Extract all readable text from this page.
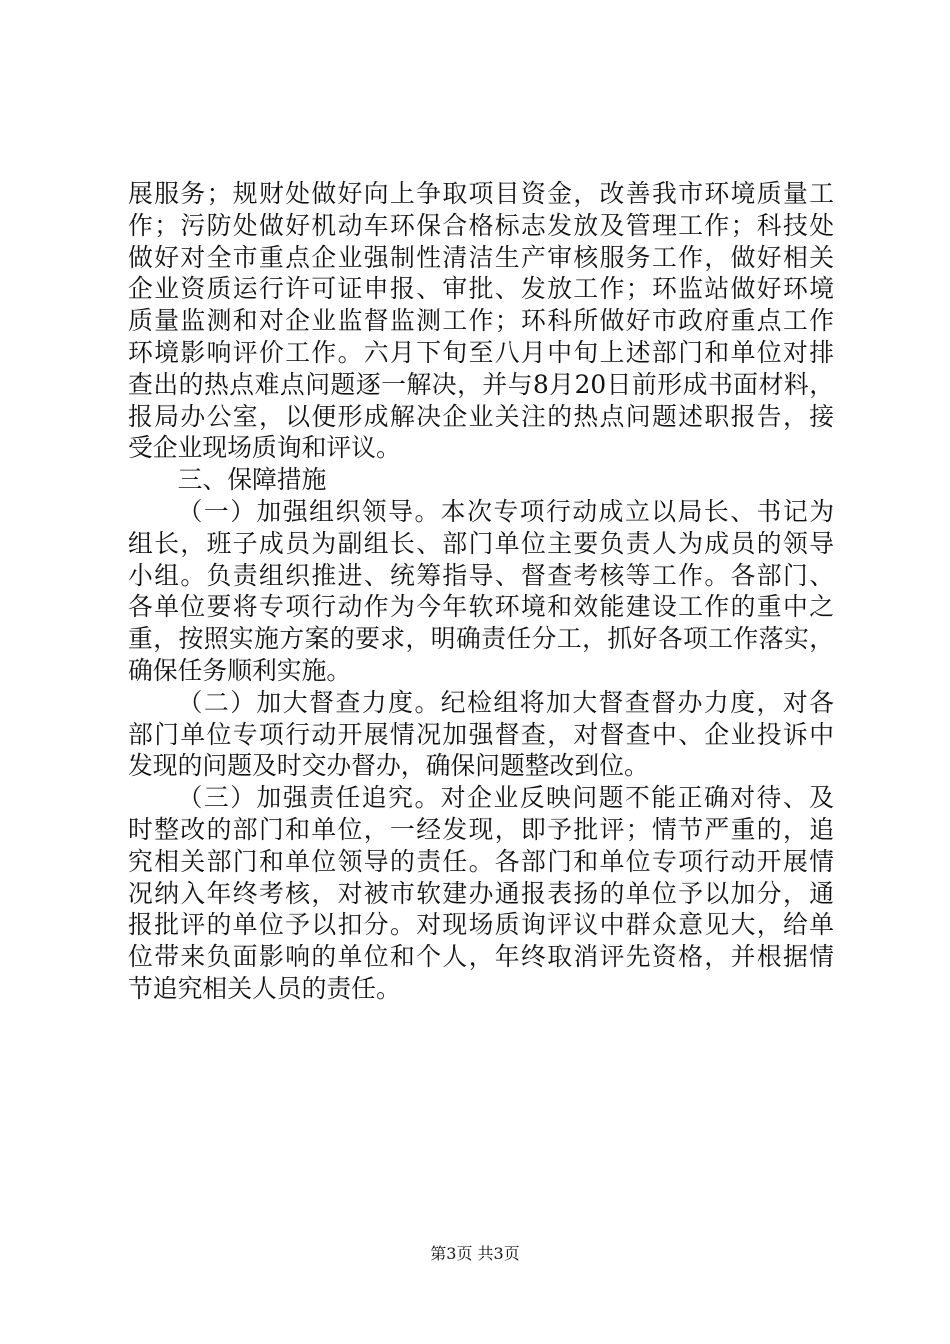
展服务；规财处做好向上争取项目资金，改善我市环境质量工
作；污防处做好机动车环保合格标志发放及管理工作；科技处
做好对全市重点企业强制性清洁生产审核服务工作，做好相关
企业资质运行许可证申报、审批、发放工作；环监站做好环境
质量监测和对企业监督监测工作；环科所做好市政府重点工作
环境影响评价工作。六月下旬至八月中旬上述部门和单位对排
查出的热点难点问题逐一解决，并与8月20日前形成书面材料，
报局办公室，以便形成解决企业关注的热点问题述职报告，接
受企业现场质询和评议。
三、保障措施
（一）加强组织领导。本次专项行动成立以局长、书记为
组长，班子成员为副组长、部门单位主要负责人为成员的领导
小组。负责组织推进、统筹指导、督查考核等工作。各部门、
各单位要将专项行动作为今年软环境和效能建设工作的重中之
重，按照实施方案的要求，明确责任分工，抓好各项工作落实，
确保任务顺利实施。
（二）加大督查力度。纪检组将加大督查督办力度，对各
部门单位专项行动开展情况加强督查，对督查中、企业投诉中
发现的问题及时交办督办，确保问题整改到位。
（三）加强责任追究。对企业反映问题不能正确对待、及
时整改的部门和单位，一经发现，即予批评；情节严重的，追
究相关部门和单位领导的责任。各部门和单位专项行动开展情
况纳入年终考核，对被市软建办通报表扬的单位予以加分，通
报批评的单位予以扣分。对现场质询评议中群众意见大，给单
位带来负面影响的单位和个人，年终取消评先资格，并根据情
节追究相关人员的责任。
第3页 共3页
